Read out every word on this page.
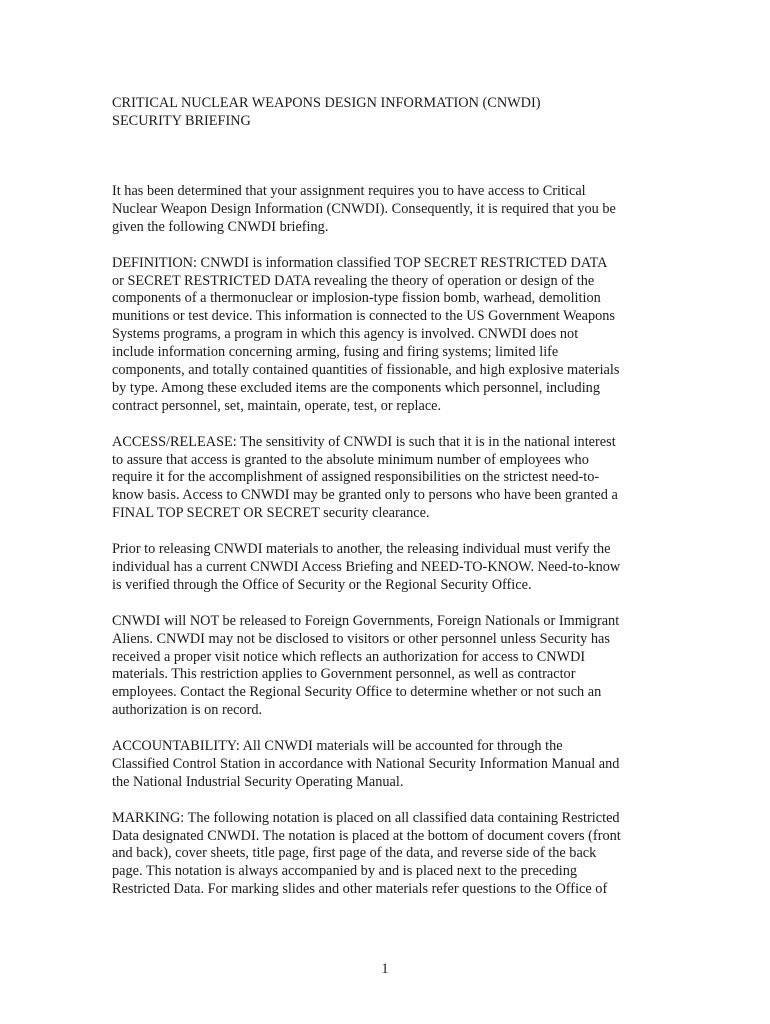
CRITICAL NUCLEAR WEAPONS DESIGN INFORMATION (CNWDI)
SECURITY BRIEFING
It has been determined that your assignment requires you to have access to Critical
Nuclear Weapon Design Information (CNWDI). Consequently, it is required that you be
given the following CNWDI briefing.
DEFINITION: CNWDI is information classified TOP SECRET RESTRICTED DATA
or SECRET RESTRICTED DATA revealing the theory of operation or design of the
components of a thermonuclear or implosion-type fission bomb, warhead, demolition
munitions or test device. This information is connected to the US Government Weapons
Systems programs, a program in which this agency is involved. CNWDI does not
include information concerning arming, fusing and firing systems; limited life
components, and totally contained quantities of fissionable, and high explosive materials
by type. Among these excluded items are the components which personnel, including
contract personnel, set, maintain, operate, test, or replace.
ACCESS/RELEASE: The sensitivity of CNWDI is such that it is in the national interest
to assure that access is granted to the absolute minimum number of employees who
require it for the accomplishment of assigned responsibilities on the strictest need-to-
know basis. Access to CNWDI may be granted only to persons who have been granted a
FINAL TOP SECRET OR SECRET security clearance.
Prior to releasing CNWDI materials to another, the releasing individual must verify the
individual has a current CNWDI Access Briefing and NEED-TO-KNOW. Need-to-know
is verified through the Office of Security or the Regional Security Office.
CNWDI will NOT be released to Foreign Governments, Foreign Nationals or Immigrant
Aliens. CNWDI may not be disclosed to visitors or other personnel unless Security has
received a proper visit notice which reflects an authorization for access to CNWDI
materials. This restriction applies to Government personnel, as well as contractor
employees. Contact the Regional Security Office to determine whether or not such an
authorization is on record.
ACCOUNTABILITY: All CNWDI materials will be accounted for through the
Classified Control Station in accordance with National Security Information Manual and
the National Industrial Security Operating Manual.
MARKING: The following notation is placed on all classified data containing Restricted
Data designated CNWDI. The notation is placed at the bottom of document covers (front
and back), cover sheets, title page, first page of the data, and reverse side of the back
page. This notation is always accompanied by and is placed next to the preceding
Restricted Data. For marking slides and other materials refer questions to the Office of
1
